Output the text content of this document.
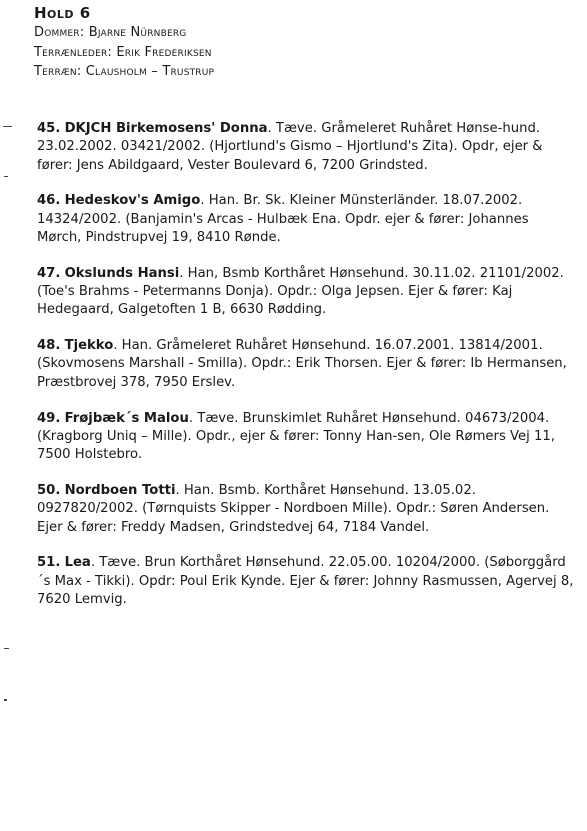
Hold 6
Dommer: Bjarne Nürnberg
Terrænleder: Erik Frederiksen
Terræn: Clausholm – Trustrup
45. DKJCH Birkemosens' Donna. Tæve. Gråmeleret Ruhåret Hønse-hund. 23.02.2002. 03421/2002. (Hjortlund's Gismo – Hjortlund's Zita). Opdr, ejer & fører: Jens Abildgaard, Vester Boulevard 6, 7200 Grindsted.
46. Hedeskov's Amigo. Han. Br. Sk. Kleiner Münsterländer. 18.07.2002. 14324/2002. (Banjamin's Arcas - Hulbæk Ena. Opdr. ejer & fører: Johannes Mørch, Pindstrupvej 19, 8410 Rønde.
47. Okslunds Hansi. Han, Bsmb Korthåret Hønsehund. 30.11.02. 21101/2002. (Toe's Brahms - Petermanns Donja). Opdr.: Olga Jepsen. Ejer & fører: Kaj Hedegaard, Galgetoften 1 B, 6630 Rødding.
48. Tjekko. Han. Gråmeleret Ruhåret Hønsehund. 16.07.2001. 13814/2001. (Skovmosens Marshall - Smilla). Opdr.: Erik Thorsen. Ejer & fører: Ib Hermansen, Præstbrovej 378, 7950 Erslev.
49. Frøjbæk´s Malou. Tæve. Brunskimlet Ruhåret Hønsehund. 04673/2004. (Kragborg Uniq – Mille). Opdr., ejer & fører: Tonny Han-sen, Ole Rømers Vej 11, 7500 Holstebro.
50. Nordboen Totti. Han. Bsmb. Korthåret Hønsehund. 13.05.02. 0927820/2002. (Tørnquists Skipper - Nordboen Mille). Opdr.: Søren Andersen. Ejer & fører: Freddy Madsen, Grindstedvej 64, 7184 Vandel.
51. Lea. Tæve. Brun Korthåret Hønsehund. 22.05.00. 10204/2000. (Søborggård´s Max - Tikki). Opdr: Poul Erik Kynde. Ejer & fører: Johnny Rasmussen, Agervej 8, 7620 Lemvig.
